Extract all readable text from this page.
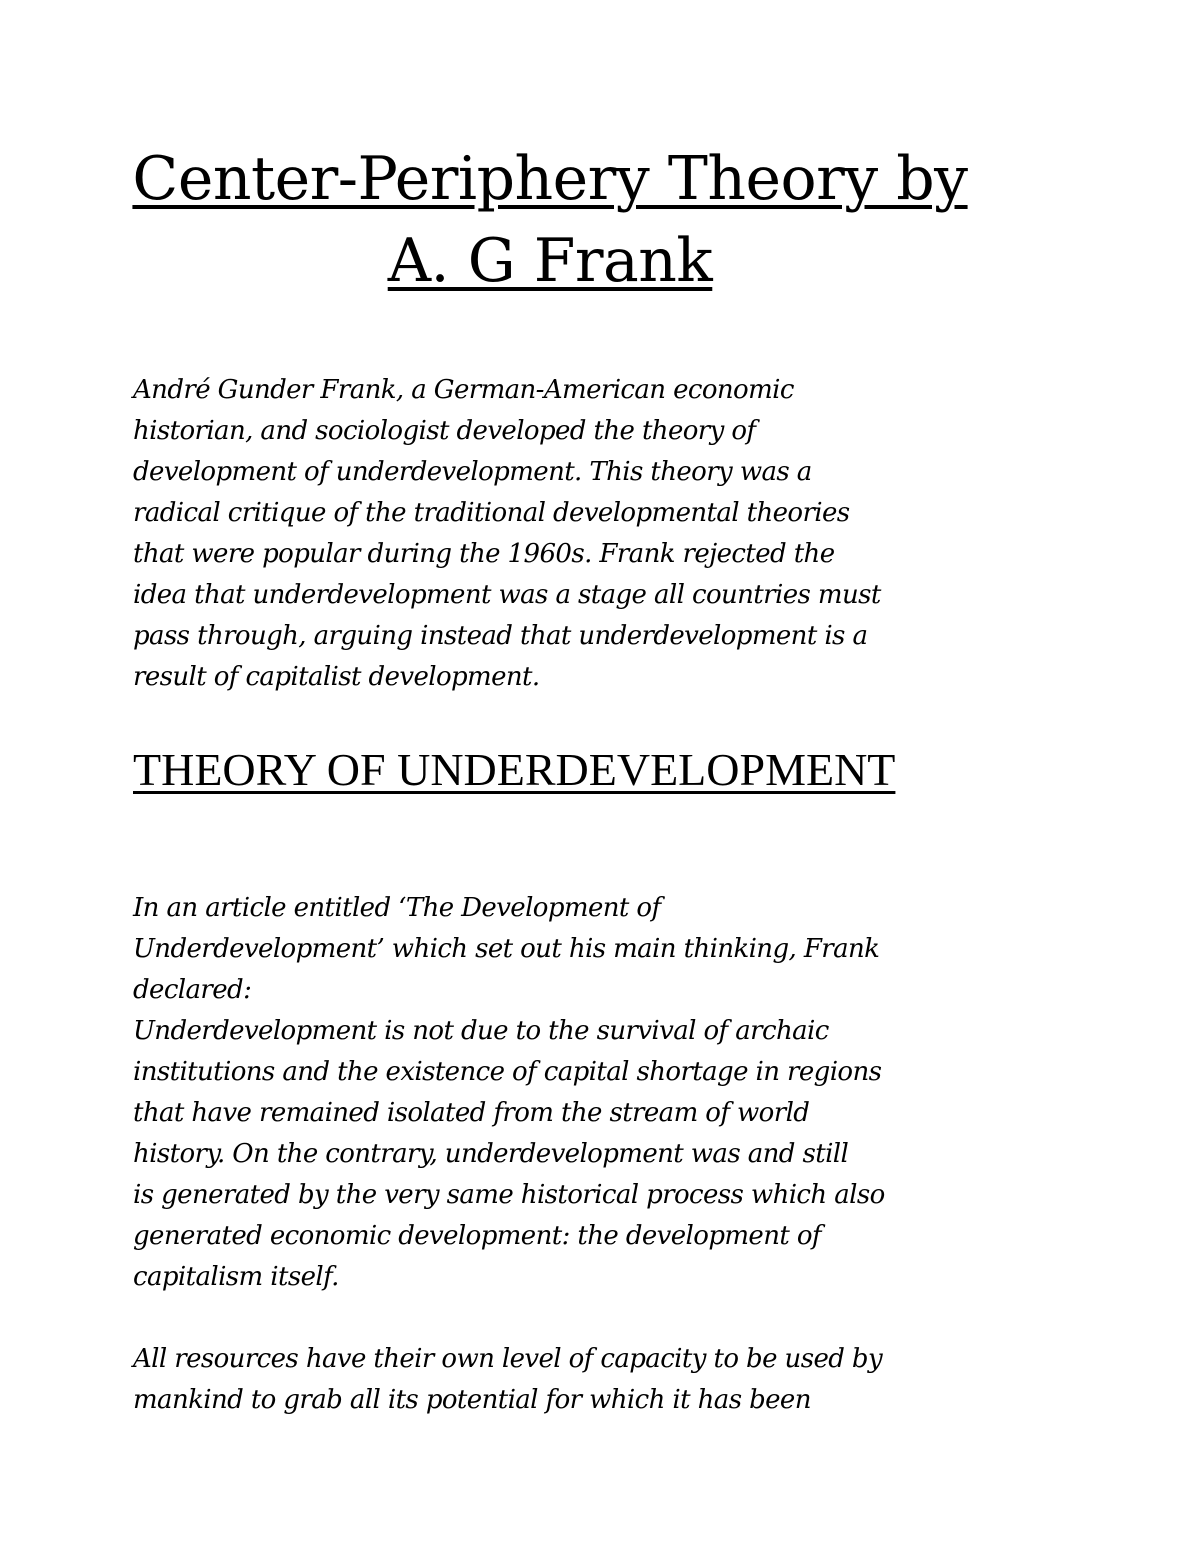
Center-Periphery Theory by
A. G Frank

André Gunder Frank, a German-American economic
historian, and sociologist developed the theory of
development of underdevelopment. This theory was a
radical critique of the traditional developmental theories
that were popular during the 1960s. Frank rejected the
idea that underdevelopment was a stage all countries must
pass through, arguing instead that underdevelopment is a
result of capitalist development.

THEORY OF UNDERDEVELOPMENT

In an article entitled ‘The Development of
Underdevelopment’ which set out his main thinking, Frank
declared:
Underdevelopment is not due to the survival of archaic
institutions and the existence of capital shortage in regions
that have remained isolated from the stream of world
history. On the contrary, underdevelopment was and still
is generated by the very same historical process which also
generated economic development: the development of
capitalism itself.

All resources have their own level of capacity to be used by
mankind to grab all its potential for which it has been
